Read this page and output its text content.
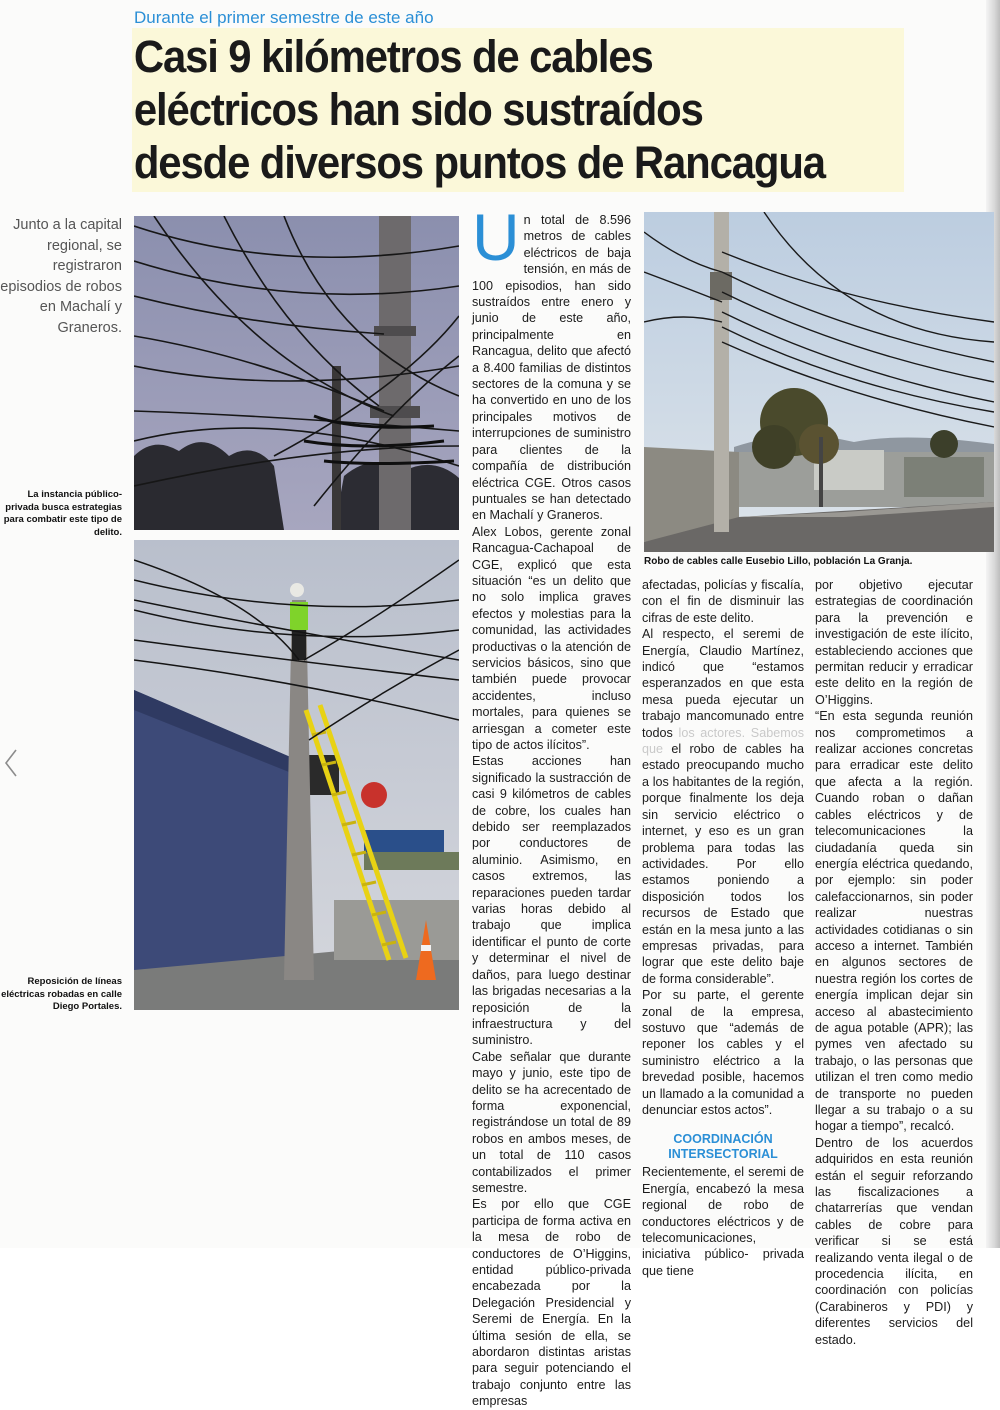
Durante el primer semestre de este año
Casi 9 kilómetros de cables
eléctricos han sido sustraídos
desde diversos puntos de Rancagua
Junto a la capital regional, se registraron episodios de robos en Machalí y Graneros.
La instancia público-privada busca estrategias para combatir este tipo de delito.
Reposición de líneas eléctricas robadas en calle Diego Portales.
Robo de cables calle Eusebio Lillo, población La Granja.

Un total de 8.596 metros de cables eléctricos de baja tensión, en más de 100 episodios, han sido sustraídos entre enero y junio de este año, principalmente en Rancagua, delito que afectó a 8.400 familias de distintos sectores de la comuna y se ha convertido en uno de los principales motivos de interrupciones de suministro para clientes de la compañía de distribución eléctrica CGE. Otros casos puntuales se han detectado en Machalí y Graneros.

Alex Lobos, gerente zonal Rancagua-Cachapoal de CGE, explicó que esta situación “es un delito que no solo implica graves efectos y molestias para la comunidad, las actividades productivas o la atención de servicios básicos, sino que también puede provocar accidentes, incluso mortales, para quienes se arriesgan a cometer este tipo de actos ilícitos”.

Estas acciones han significado la sustracción de casi 9 kilómetros de cables de cobre, los cuales han debido ser reemplazados por conductores de aluminio. Asimismo, en casos extremos, las reparaciones pueden tardar varias horas debido al trabajo que implica identificar el punto de corte y determinar el nivel de daños, para luego destinar las brigadas necesarias a la reposición de la infraestructura y del suministro.

Cabe señalar que durante mayo y junio, este tipo de delito se ha acrecentado de forma exponencial, registrándose un total de 89 robos en ambos meses, de un total de 110 casos contabilizados el primer semestre.

Es por ello que CGE participa de forma activa en la mesa de robo de conductores de O’Higgins, entidad público-privada encabezada por la Delegación Presidencial y Seremi de Energía. En la última sesión de ella, se abordaron distintas aristas para seguir potenciando el trabajo conjunto entre las empresas

afectadas, policías y fiscalía, con el fin de disminuir las cifras de este delito.

Al respecto, el seremi de Energía, Claudio Martínez, indicó que “estamos esperanzados en que esta mesa pueda ejecutar un trabajo mancomunado entre todos los actores. Sabemos que el robo de cables ha estado preocupando mucho a los habitantes de la región, porque finalmente los deja sin servicio eléctrico o internet, y eso es un gran problema para todas las actividades. Por ello estamos poniendo a disposición todos los recursos de Estado que están en la mesa junto a las empresas privadas, para lograr que este delito baje de forma considerable”.

Por su parte, el gerente zonal de la empresa, sostuvo que “además de reponer los cables y el suministro eléctrico a la brevedad posible, hacemos un llamado a la comunidad a denunciar estos actos”.

COORDINACIÓN
INTERSECTORIAL

Recientemente, el seremi de Energía, encabezó la mesa regional de robo de conductores eléctricos y de telecomunicaciones, iniciativa público- privada que tiene

por objetivo ejecutar estrategias de coordinación para la prevención e investigación de este ilícito, estableciendo acciones que permitan reducir y erradicar este delito en la región de O’Higgins.

“En esta segunda reunión nos comprometimos a realizar acciones concretas para erradicar este delito que afecta a la región. Cuando roban o dañan cables eléctricos y de telecomunicaciones la ciudadanía queda sin energía eléctrica quedando, por ejemplo: sin poder calefaccionarnos, sin poder realizar nuestras actividades cotidianas o sin acceso a internet. También en algunos sectores de nuestra región los cortes de energía implican dejar sin acceso al abastecimiento de agua potable (APR); las pymes ven afectado su trabajo, o las personas que utilizan el tren como medio de transporte no pueden llegar a su trabajo o a su hogar a tiempo”, recalcó.

Dentro de los acuerdos adquiridos en esta reunión están el seguir reforzando las fiscalizaciones a chatarrerías que vendan cables de cobre para verificar si se está realizando venta ilegal o de procedencia ilícita, en coordinación con policías (Carabineros y PDI) y diferentes servicios del estado.
